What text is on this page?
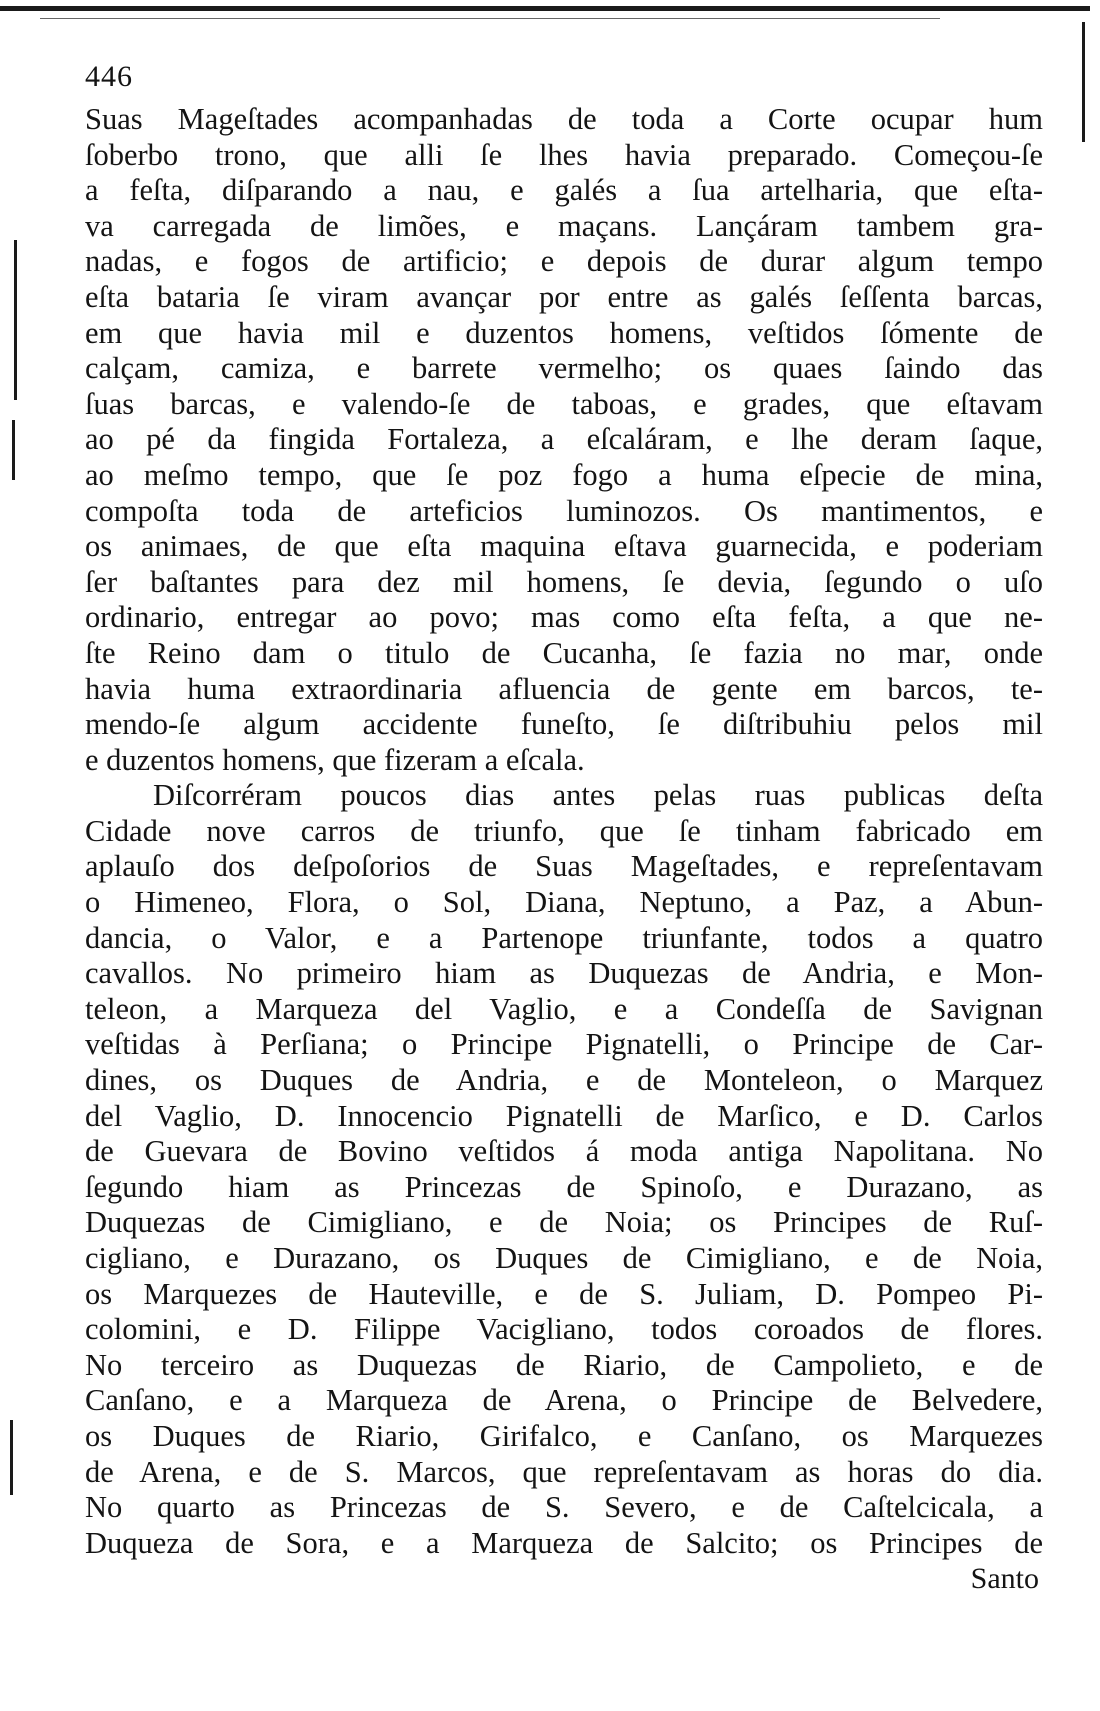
446
Suas Mageſtades acompanhadas de toda a Corte ocupar hum
ſoberbo trono, que alli ſe lhes havia preparado. Começou-ſe
a feſta, diſparando a nau, e galés a ſua artelharia, que eſta-
va carregada de limões, e maçans. Lançáram tambem gra-
nadas, e fogos de artificio; e depois de durar algum tempo
eſta bataria ſe viram avançar por entre as galés ſeſſenta barcas,
em que havia mil e duzentos homens, veſtidos ſómente de
calçam, camiza, e barrete vermelho; os quaes ſaindo das
ſuas barcas, e valendo-ſe de taboas, e grades, que eſtavam
ao pé da fingida Fortaleza, a eſcaláram, e lhe deram ſaque,
ao meſmo tempo, que ſe poz fogo a huma eſpecie de mina,
compoſta toda de arteficios luminozos. Os mantimentos, e
os animaes, de que eſta maquina eſtava guarnecida, e poderiam
ſer baſtantes para dez mil homens, ſe devia, ſegundo o uſo
ordinario, entregar ao povo; mas como eſta feſta, a que ne-
ſte Reino dam o titulo de Cucanha, ſe fazia no mar, onde
havia huma extraordinaria afluencia de gente em barcos, te-
mendo-ſe algum accidente funeſto, ſe diſtribuhiu pelos mil
e duzentos homens, que fizeram a eſcala.
Diſcorréram poucos dias antes pelas ruas publicas deſta
Cidade nove carros de triunfo, que ſe tinham fabricado em
aplauſo dos deſpoſorios de Suas Mageſtades, e repreſentavam
o Himeneo, Flora, o Sol, Diana, Neptuno, a Paz, a Abun-
dancia, o Valor, e a Partenope triunfante, todos a quatro
cavallos. No primeiro hiam as Duquezas de Andria, e Mon-
teleon, a Marqueza del Vaglio, e a Condeſſa de Savignan
veſtidas à Perſiana; o Principe Pignatelli, o Principe de Car-
dines, os Duques de Andria, e de Monteleon, o Marquez
del Vaglio, D. Innocencio Pignatelli de Marſico, e D. Carlos
de Guevara de Bovino veſtidos á moda antiga Napolitana. No
ſegundo hiam as Princezas de Spinoſo, e Durazano, as
Duquezas de Cimigliano, e de Noia; os Principes de Ruſ-
cigliano, e Durazano, os Duques de Cimigliano, e de Noia,
os Marquezes de Hauteville, e de S. Juliam, D. Pompeo Pi-
colomini, e D. Filippe Vacigliano, todos coroados de flores.
No terceiro as Duquezas de Riario, de Campolieto, e de
Canſano, e a Marqueza de Arena, o Principe de Belvedere,
os Duques de Riario, Girifalco, e Canſano, os Marquezes
de Arena, e de S. Marcos, que repreſentavam as horas do dia.
No quarto as Princezas de S. Severo, e de Caſtelcicala, a
Duqueza de Sora, e a Marqueza de Salcito; os Principes de
Santo
